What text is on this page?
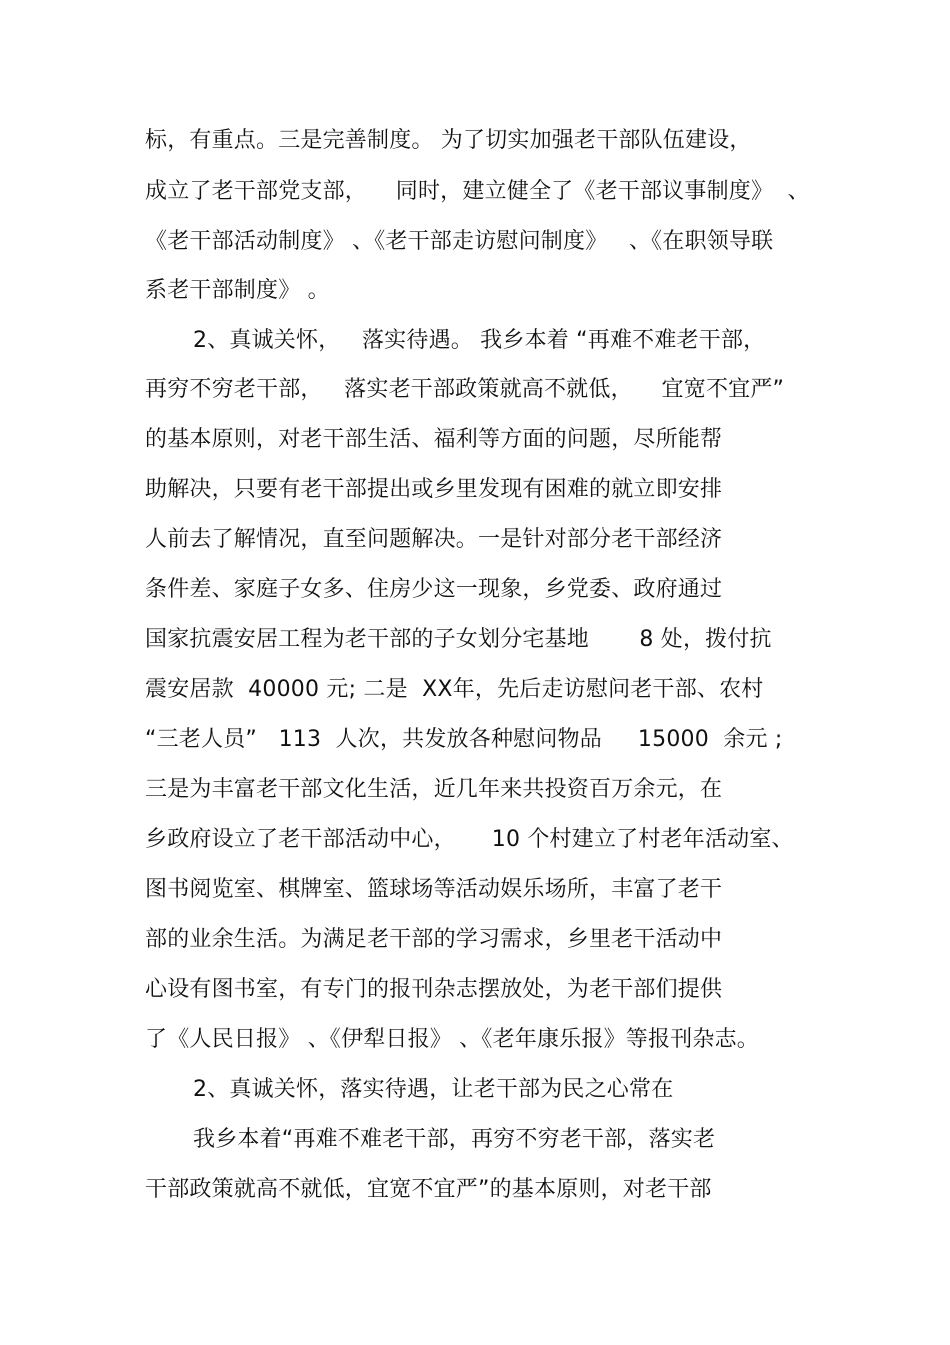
标，有重点。三是完善制度。 为了切实加强老干部队伍建设，
成立了老干部党支部，    同时，建立健全了《老干部议事制度》  、
《老干部活动制度》 、《老干部走访慰问制度》   、《在职领导联
系老干部制度》 。
2、真诚关怀，   落实待遇。 我乡本着 “再难不难老干部，
再穷不穷老干部，   落实老干部政策就高不就低，    宜宽不宜严”
的基本原则，对老干部生活、福利等方面的问题，尽所能帮
助解决，只要有老干部提出或乡里发现有困难的就立即安排
人前去了解情况，直至问题解决。一是针对部分老干部经济
条件差、家庭子女多、住房少这一现象，乡党委、政府通过
国家抗震安居工程为老干部的子女划分宅基地       8 处，拨付抗
震安居款  40000 元; 二是  XX年，先后走访慰问老干部、农村
“三老人员”   113  人次，共发放各种慰问物品     15000  余元 ;
三是为丰富老干部文化生活，近几年来共投资百万余元，在
乡政府设立了老干部活动中心，     10 个村建立了村老年活动室、
图书阅览室、棋牌室、篮球场等活动娱乐场所，丰富了老干
部的业余生活。为满足老干部的学习需求，乡里老干活动中
心设有图书室，有专门的报刊杂志摆放处，为老干部们提供
了《人民日报》 、《伊犁日报》 、《老年康乐报》等报刊杂志。
2、真诚关怀，落实待遇，让老干部为民之心常在
我乡本着“再难不难老干部，再穷不穷老干部，落实老
干部政策就高不就低，宜宽不宜严”的基本原则，对老干部
